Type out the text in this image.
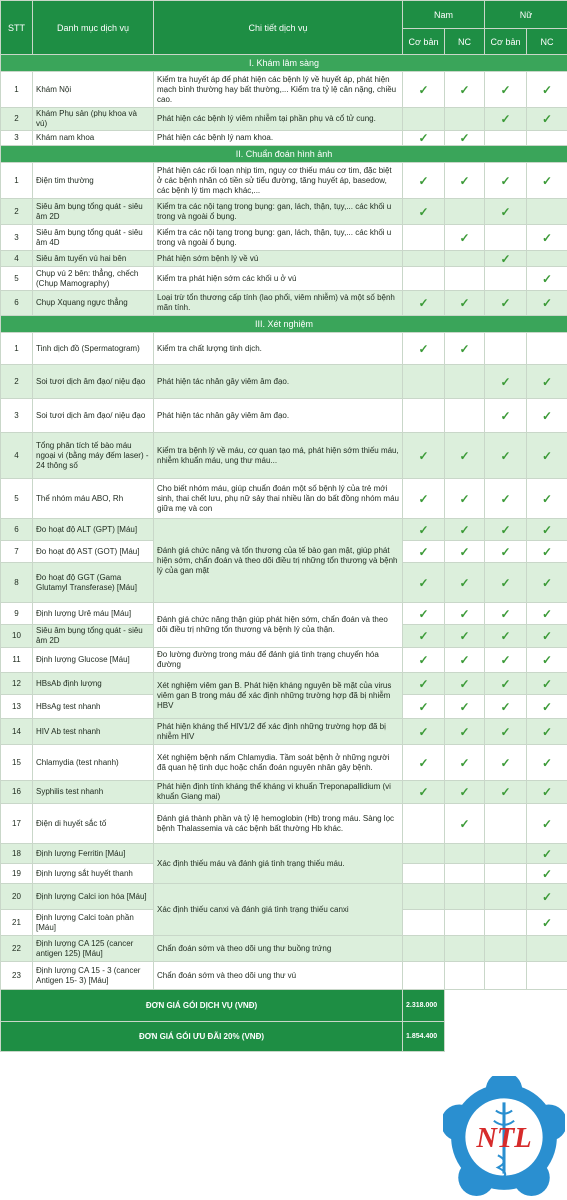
STT	Danh mục dịch vụ	Chi tiết dịch vụ	Nam		Nữ	
			Cơ bản	NC	Cơ bản	NC
I. Khám lâm sàng						
1	Khám Nội	Kiểm tra huyết áp để phát hiện các bệnh lý về huyết áp, phát hiện mạch bình thường hay bất thường,... Kiểm tra tỷ lệ cân nặng, chiều cao.	✓	✓	✓	✓
2	Khám Phụ sản (phụ khoa và vú)	Phát hiện các bệnh lý viêm nhiễm tại phần phụ và cổ tử cung.			✓	✓
3	Khám nam khoa	Phát hiện các bệnh lý nam khoa.	✓	✓		
II. Chuẩn đoán hình ảnh						
1	Điện tim thường	Phát hiện các rối loạn nhịp tim, nguy cơ thiếu máu cơ tim, đặc biệt ở các bệnh nhân có tiền sử tiểu đường, tăng huyết áp, basedow, các bệnh lý tim mạch khác,...	✓	✓	✓	✓
2	Siêu âm bụng tổng quát - siêu âm 2D	Kiểm tra các nội tạng trong bụng: gan, lách, thận, tụy,... các khối u trong và ngoài ổ bụng.	✓		✓	
3	Siêu âm bụng tổng quát - siêu âm 4D	Kiểm tra các nội tạng trong bụng: gan, lách, thận, tụy,... các khối u trong và ngoài ổ bụng.		✓		✓
4	Siêu âm tuyến vú hai bên	Phát hiện sớm bệnh lý về vú			✓	
5	Chụp vú 2 bên: thẳng, chếch (Chụp Mamography)	Kiểm tra phát hiện sớm các khối u ở vú				✓
6	Chụp Xquang ngực thẳng	Loại trừ tổn thương cấp tính (lao phổi, viêm nhiễm) và một số bệnh mãn tính.	✓	✓	✓	✓
III. Xét nghiệm						
1	Tinh dịch đồ (Spermatogram)	Kiểm tra chất lượng tinh dịch.	✓	✓		
2	Soi tươi dịch âm đạo/ niệu đạo	Phát hiện tác nhân gây viêm âm đạo.			✓	✓
3	Soi tươi dịch âm đạo/ niệu đạo	Phát hiện tác nhân gây viêm âm đạo.			✓	✓
4	Tổng phân tích tế bào máu ngoại vi (bằng máy đếm laser) - 24 thông số	Kiểm tra bệnh lý về máu, cơ quan tạo má, phát hiện sớm thiếu máu, nhiễm khuẩn máu, ung thư máu...	✓	✓	✓	✓
5	Thể nhóm máu ABO, Rh	Cho biết nhóm máu, giúp chuẩn đoán một số bệnh lý của trẻ mới sinh, thai chết lưu, phụ nữ sảy thai nhiều lần do bất đồng nhóm máu giữa mẹ và con	✓	✓	✓	✓
6	Đo hoạt độ ALT (GPT) [Máu]	Đánh giá chức năng và tổn thương của tế bào gan mật, giúp phát hiện sớm, chẩn đoán và theo dõi điều trị những tổn thương và bệnh lý của gan mật	✓	✓	✓	✓
7	Đo hoạt độ AST (GOT) [Máu]		✓	✓	✓	✓
8	Đo hoạt độ GGT (Gama Glutamyl Transferase) [Máu]		✓	✓	✓	✓
9	Định lượng Urê máu [Máu]	Đánh giá chức năng thận giúp phát hiện sớm, chẩn đoán và theo dõi điều trị những tổn thương và bệnh lý của thận.	✓	✓	✓	✓
10	Siêu âm bụng tổng quát - siêu âm 2D		✓	✓	✓	✓
11	Định lượng Glucose [Máu]	Đo lường đường trong máu để đánh giá tình trạng chuyển hóa đường	✓	✓	✓	✓
12	HBsAb định lượng	Xét nghiệm viêm gan B. Phát hiện kháng nguyên bề mặt của virus viêm gan B trong máu để xác định những trường hợp đã bị nhiễm HBV	✓	✓	✓	✓
13	HBsAg test nhanh		✓	✓	✓	✓
14	HIV Ab test nhanh	Phát hiện kháng thể HIV1/2 để xác định những trường hợp đã bị nhiễm HIV	✓	✓	✓	✓
15	Chlamydia (test nhanh)	Xét nghiệm bệnh nấm Chlamydia. Tầm soát bệnh ở những người đã quan hệ tình dục hoặc chẩn đoán nguyên nhân gây bệnh.	✓	✓	✓	✓
16	Syphilis test nhanh	Phát hiện định tính kháng thể kháng vi khuẩn Treponapallidium (vi khuẩn Giang mai)	✓	✓	✓	✓
17	Điện di huyết sắc tố	Đánh giá thành phần và tỷ lệ hemoglobin (Hb) trong máu. Sàng lọc bệnh Thalassemia và các bệnh bất thường Hb khác.		✓		✓
18	Định lượng Ferritin [Máu]	Xác định thiếu máu và đánh giá tình trạng thiếu máu.				✓
19	Định lượng sắt huyết thanh					✓
20	Định lượng Calci ion hóa [Máu]	Xác định thiếu canxi và đánh giá tình trạng thiếu canxi				✓
21	Định lượng Calci toàn phần [Máu]					✓
22	Định lượng CA 125 (cancer antigen 125) [Máu]	Chẩn đoán sớm và theo dõi ung thư buồng trứng				
23	Định lượng CA 15 - 3 (cancer Antigen 15- 3) [Máu]	Chẩn đoán sớm và theo dõi ung thư vú				
ĐƠN GIÁ GÓI DỊCH VỤ (VNĐ)			2.318.000			
ĐƠN GIÁ GÓI ƯU ĐÃI 20% (VNĐ)			1.854.400			
NTL
